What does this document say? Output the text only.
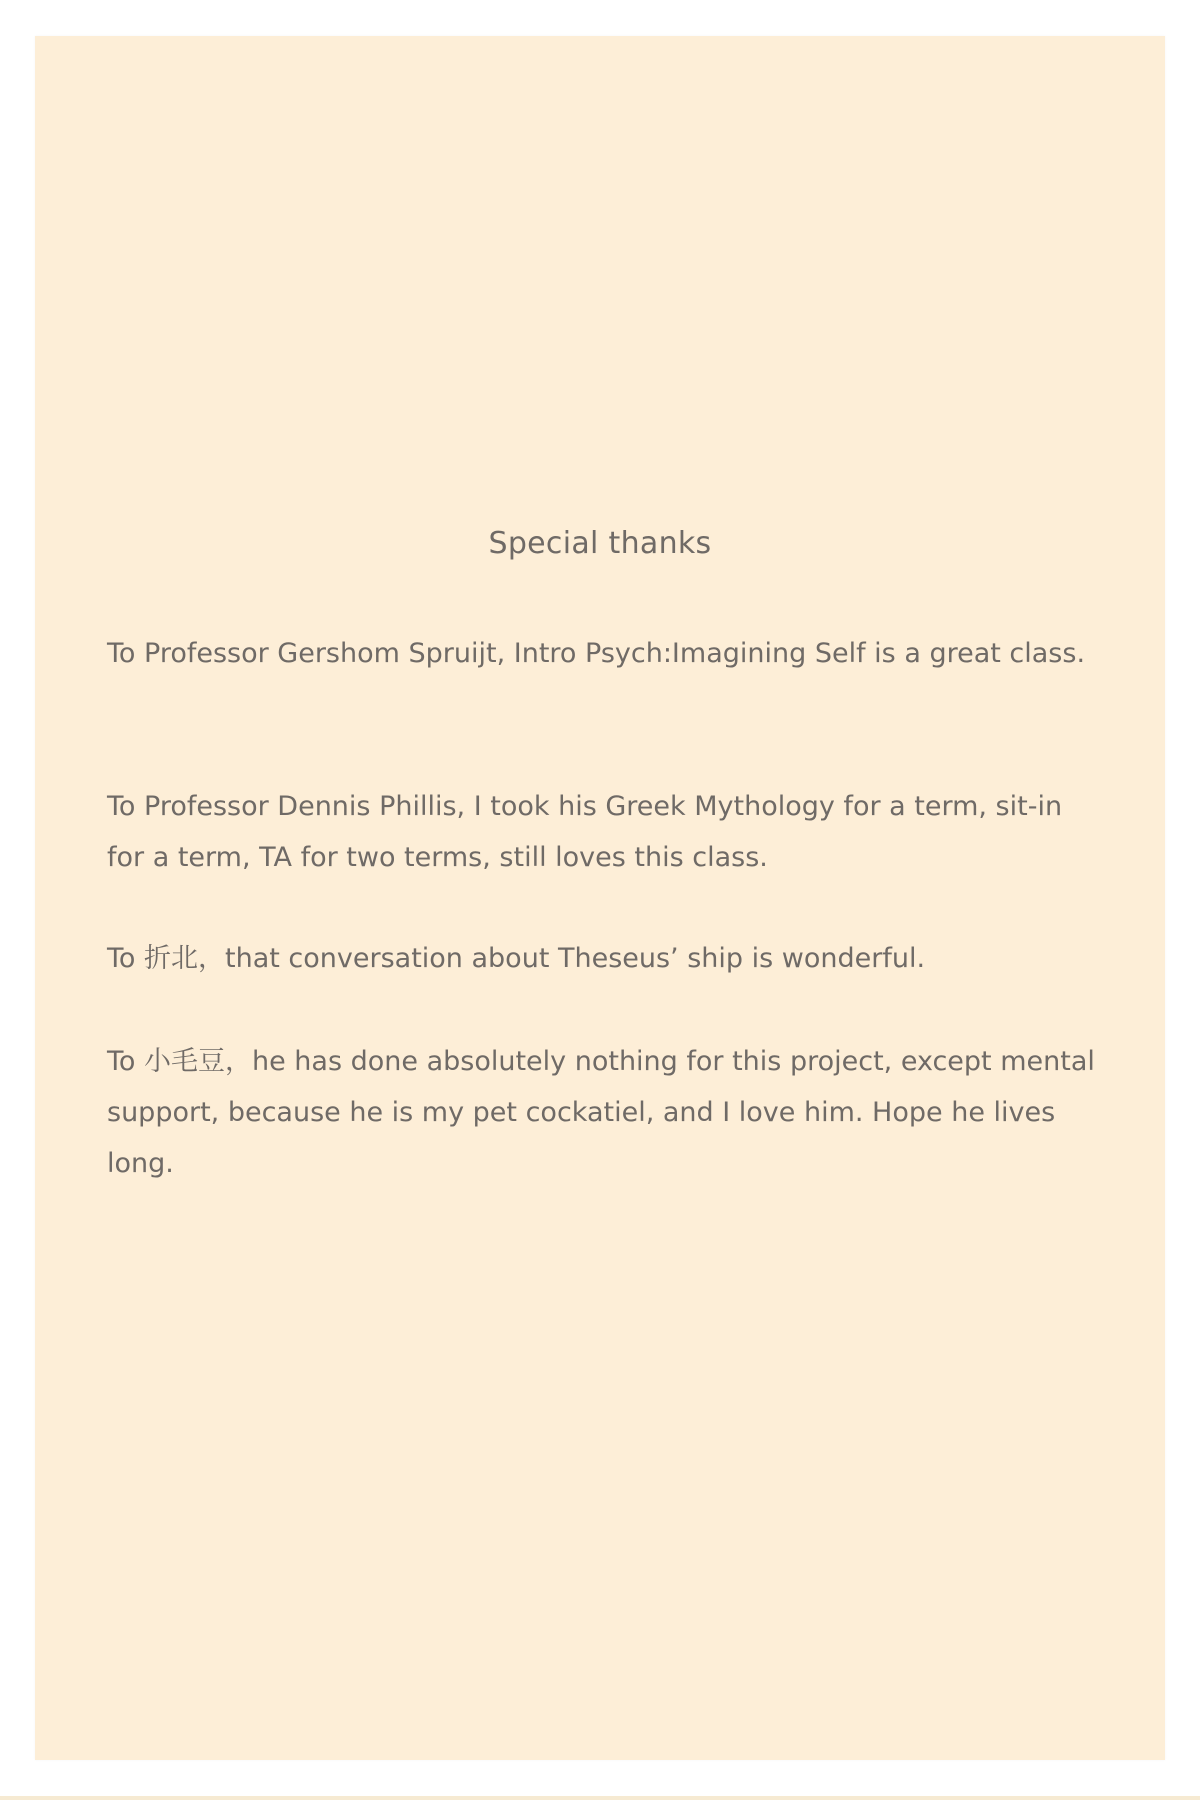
Special thanks

To Professor Gershom Spruijt, Intro Psych:Imagining Self is a great class.

To Professor Dennis Phillis, I took his Greek Mythology for a term, sit-in for a term, TA for two terms, still loves this class.

To 折北，that conversation about Theseus’ ship is wonderful.

To 小毛豆，he has done absolutely nothing for this project, except mental support, because he is my pet cockatiel, and I love him. Hope he lives long.
